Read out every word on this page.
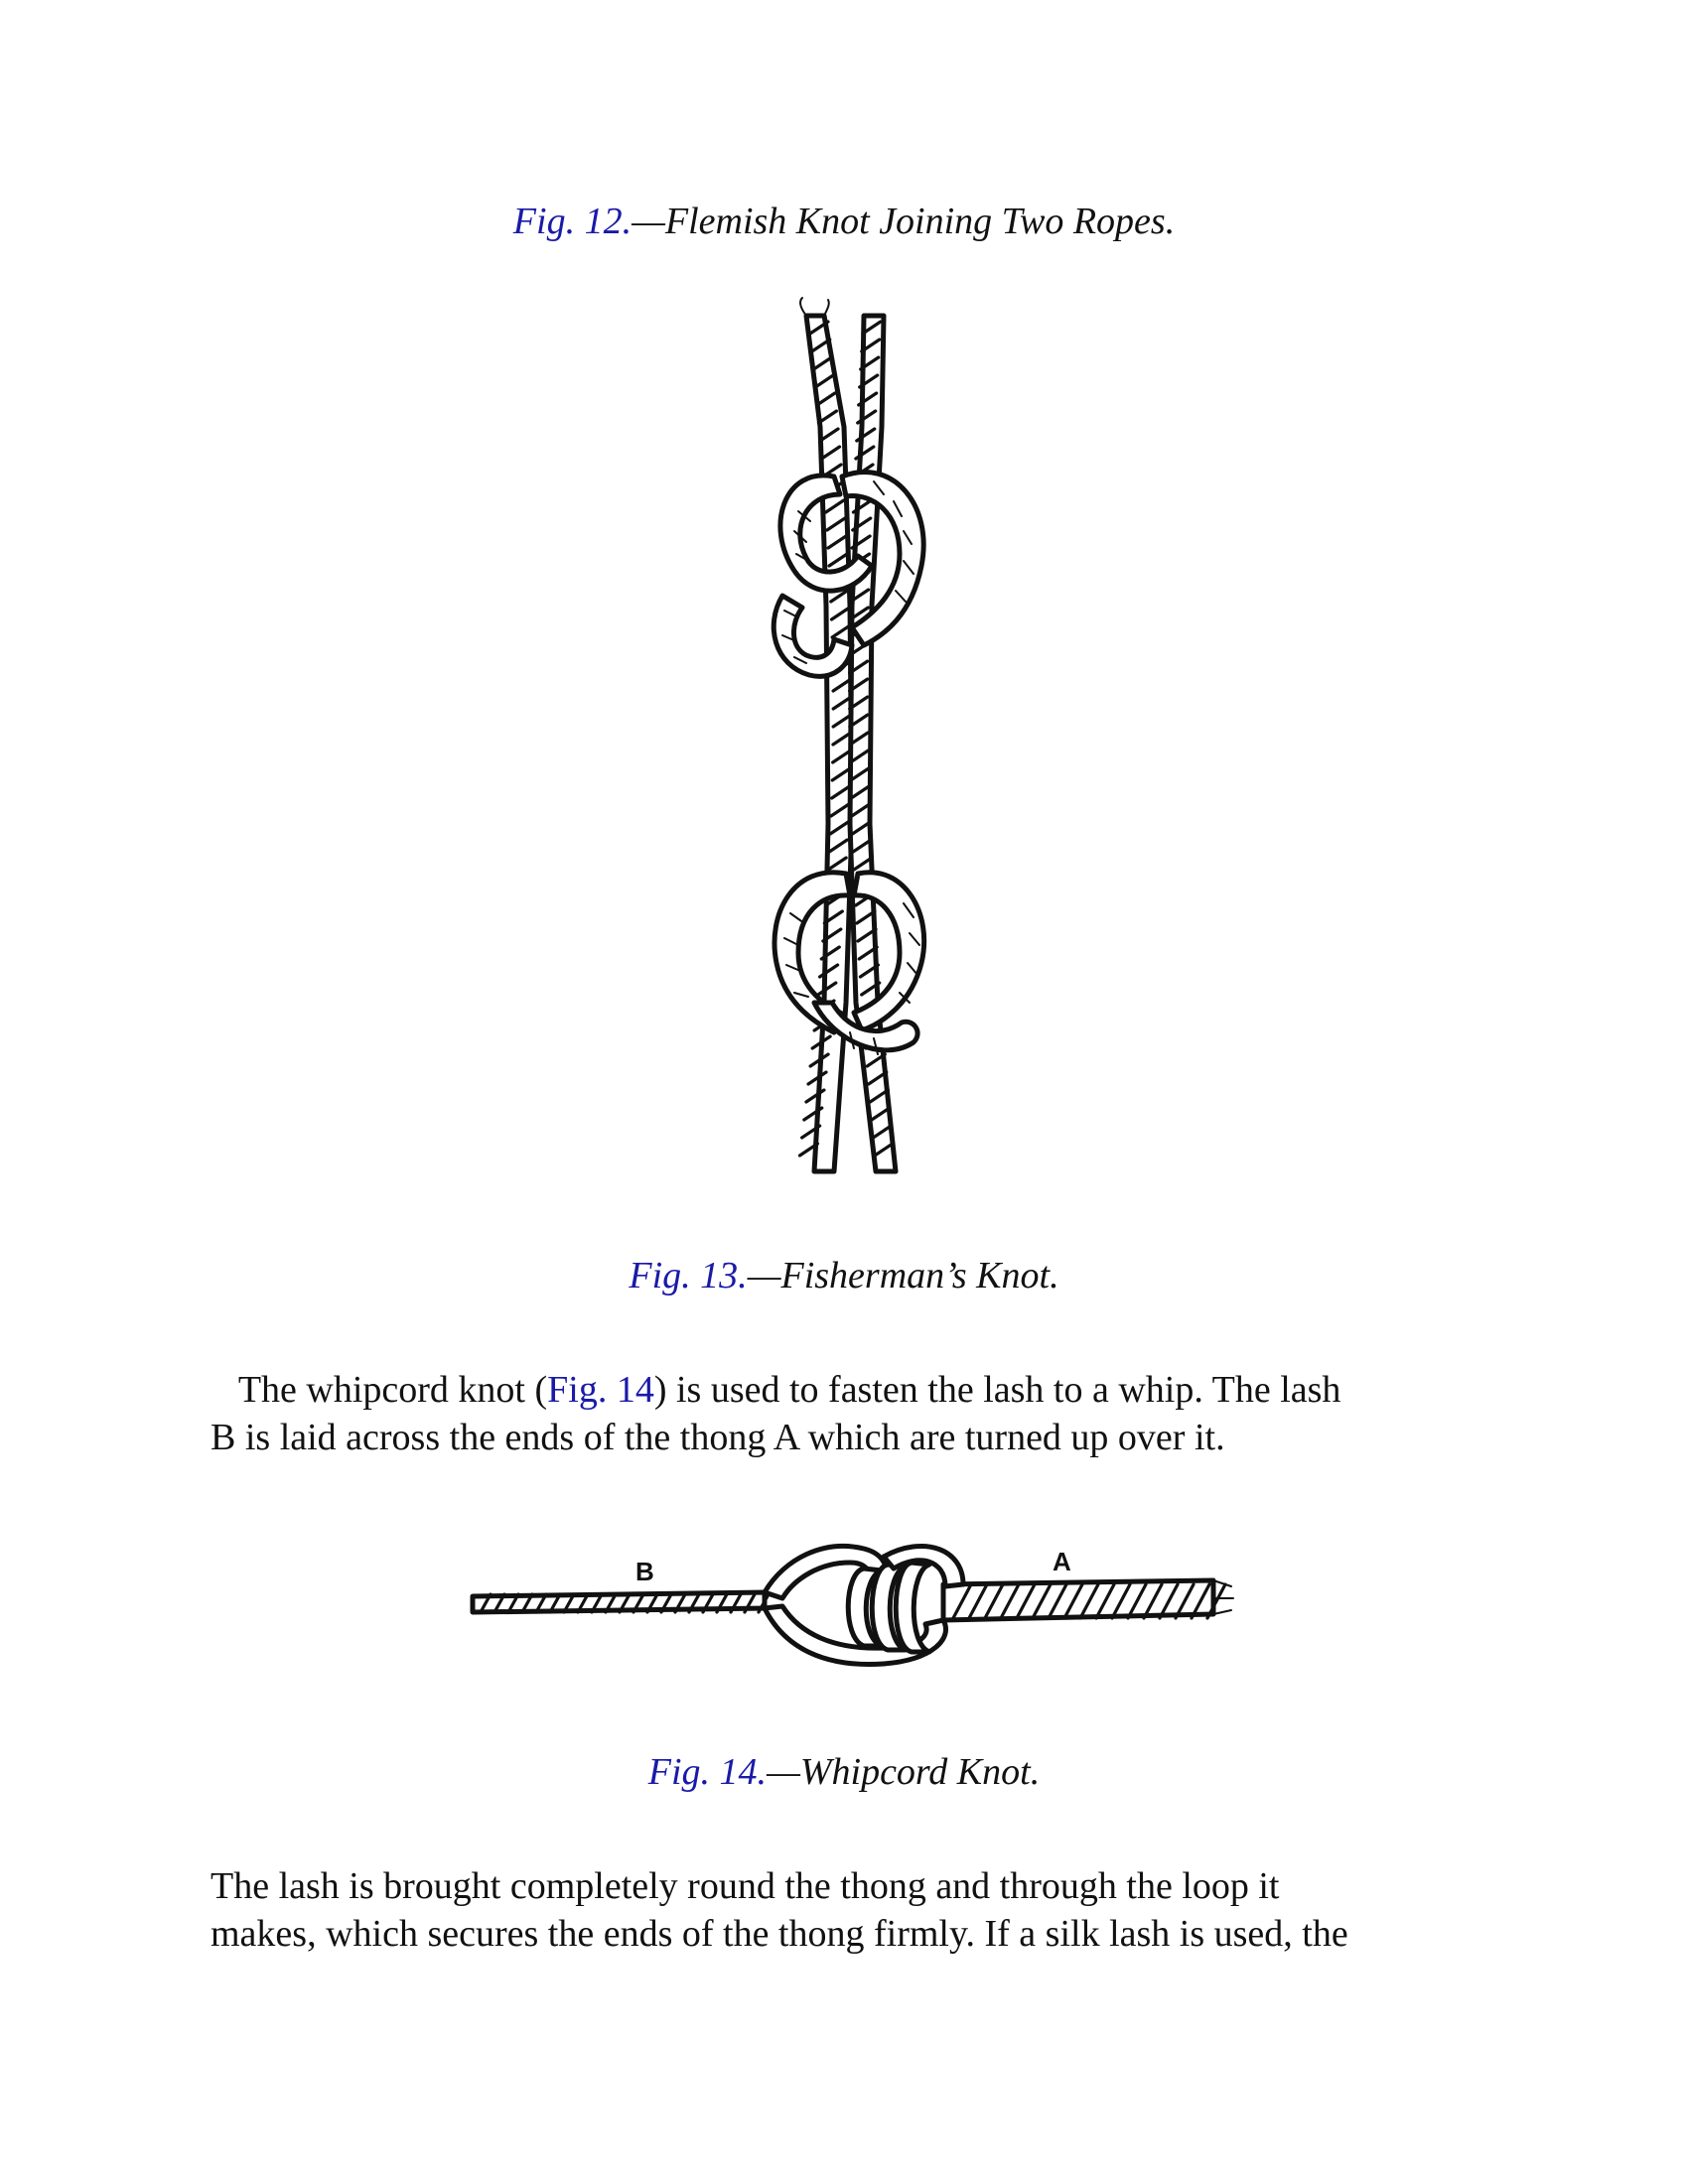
Fig. 12.—Flemish Knot Joining Two Ropes.

Fig. 13.—Fisherman’s Knot.

The whipcord knot (Fig. 14) is used to fasten the lash to a whip. The lash
B is laid across the ends of the thong A which are turned up over it.

B	A

Fig. 14.—Whipcord Knot.

The lash is brought completely round the thong and through the loop it
makes, which secures the ends of the thong firmly. If a silk lash is used, the
